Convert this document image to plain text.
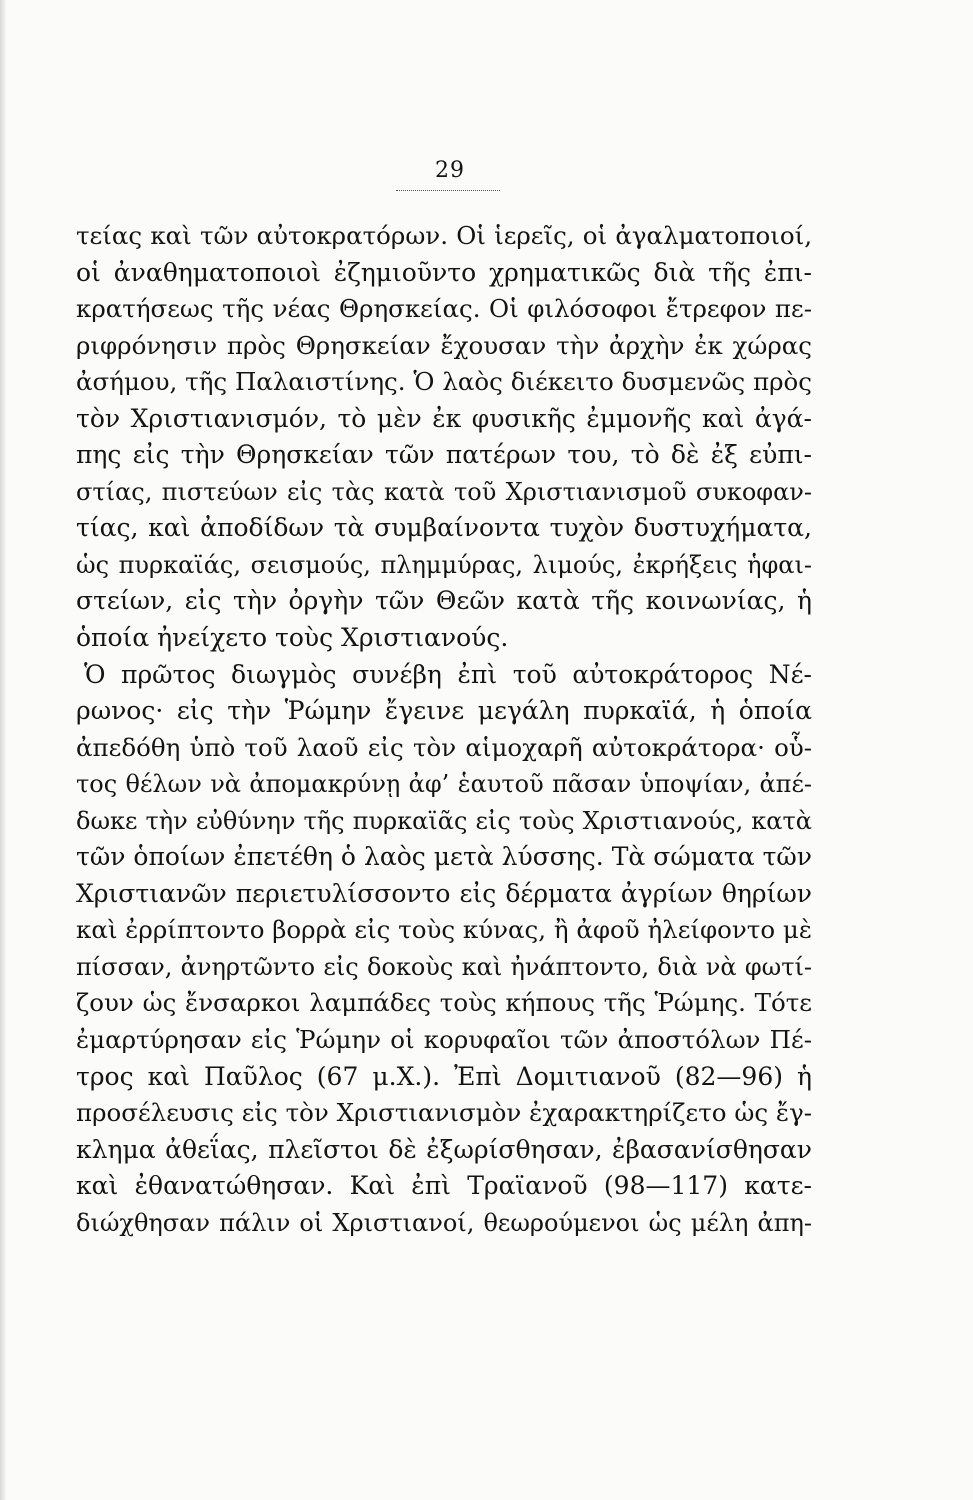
29
τείας καὶ τῶν αὐτοκρατόρων. Οἱ ἱερεῖς, οἱ ἀγαλματοποιοί,
οἱ ἀναθηματοποιοὶ ἐζημιοῦντο χρηματικῶς διὰ τῆς ἐπι-
κρατήσεως τῆς νέας Θρησκείας. Οἱ φιλόσοφοι ἔτρεφον πε-
ριφρόνησιν πρὸς Θρησκείαν ἔχουσαν τὴν ἀρχὴν ἐκ χώρας
ἀσήμου, τῆς Παλαιστίνης. Ὁ λαὸς διέκειτο δυσμενῶς πρὸς
τὸν Χριστιανισμόν, τὸ μὲν ἐκ φυσικῆς ἐμμονῆς καὶ ἀγά-
πης εἰς τὴν Θρησκείαν τῶν πατέρων του, τὸ δὲ ἐξ εὐπι-
στίας, πιστεύων εἰς τὰς κατὰ τοῦ Χριστιανισμοῦ συκοφαν-
τίας, καὶ ἀποδίδων τὰ συμβαίνοντα τυχὸν δυστυχήματα,
ὡς πυρκαϊάς, σεισμούς, πλημμύρας, λιμούς, ἐκρήξεις ἡφαι-
στείων, εἰς τὴν ὀργὴν τῶν Θεῶν κατὰ τῆς κοινωνίας, ἡ
ὁποία ἠνείχετο τοὺς Χριστιανούς.
Ὁ πρῶτος διωγμὸς συνέβη ἐπὶ τοῦ αὐτοκράτορος Νέ-
ρωνος· εἰς τὴν Ῥώμην ἔγεινε μεγάλη πυρκαϊά, ἡ ὁποία
ἀπεδόθη ὑπὸ τοῦ λαοῦ εἰς τὸν αἱμοχαρῆ αὐτοκράτορα· οὗ-
τος θέλων νὰ ἀπομακρύνῃ ἀφ’ ἑαυτοῦ πᾶσαν ὑποψίαν, ἀπέ-
δωκε τὴν εὐθύνην τῆς πυρκαϊᾶς εἰς τοὺς Χριστιανούς, κατὰ
τῶν ὁποίων ἐπετέθη ὁ λαὸς μετὰ λύσσης. Τὰ σώματα τῶν
Χριστιανῶν περιετυλίσσοντο εἰς δέρματα ἀγρίων θηρίων
καὶ ἐρρίπτοντο βορρὰ εἰς τοὺς κύνας, ἢ ἀφοῦ ἠλείφοντο μὲ
πίσσαν, ἀνηρτῶντο εἰς δοκοὺς καὶ ἠνάπτοντο, διὰ νὰ φωτί-
ζουν ὡς ἔνσαρκοι λαμπάδες τοὺς κήπους τῆς Ῥώμης. Τότε
ἐμαρτύρησαν εἰς Ῥώμην οἱ κορυφαῖοι τῶν ἀποστόλων Πέ-
τρος καὶ Παῦλος (67 μ.Χ.). Ἐπὶ Δομιτιανοῦ (82—96) ἡ
προσέλευσις εἰς τὸν Χριστιανισμὸν ἐχαρακτηρίζετο ὡς ἔγ-
κλημα ἀθεΐας, πλεῖστοι δὲ ἐξωρίσθησαν, ἐβασανίσθησαν
καὶ ἐθανατώθησαν. Καὶ ἐπὶ Τραϊανοῦ (98—117) κατε-
διώχθησαν πάλιν οἱ Χριστιανοί, θεωρούμενοι ὡς μέλη ἀπη-
